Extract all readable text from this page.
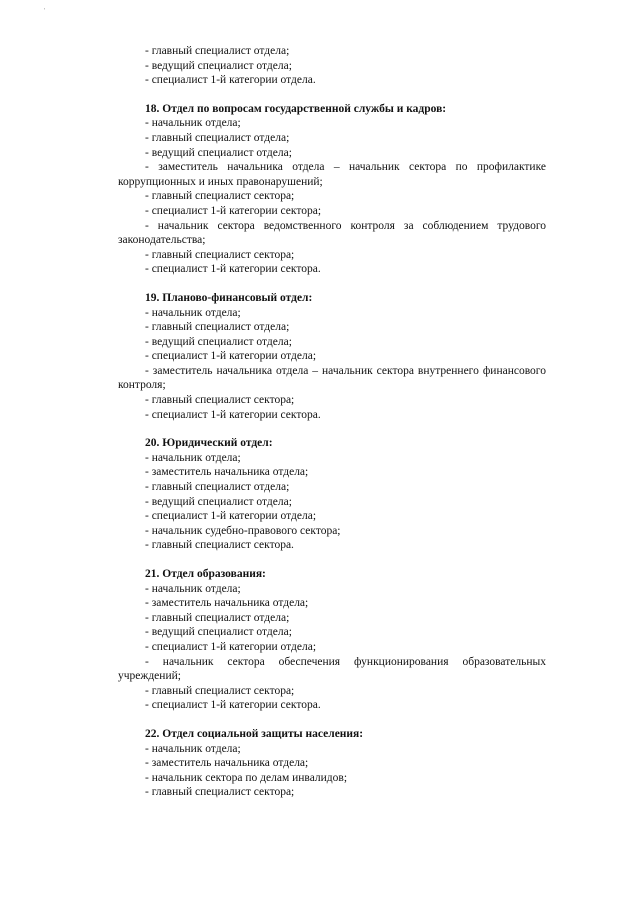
'
- главный специалист отдела;
- ведущий специалист отдела;
- специалист 1-й категории отдела.
18. Отдел по вопросам государственной службы и кадров:
- начальник отдела;
- главный специалист отдела;
- ведущий специалист отдела;
- заместитель начальника отдела – начальник сектора по профилактике
коррупционных и иных правонарушений;
- главный специалист сектора;
- специалист 1-й категории сектора;
- начальник сектора ведомственного контроля за соблюдением трудового
законодательства;
- главный специалист сектора;
- специалист 1-й категории сектора.
19. Планово-финансовый отдел:
- начальник отдела;
- главный специалист отдела;
- ведущий специалист отдела;
- специалист 1-й категории отдела;
- заместитель начальника отдела – начальник сектора внутреннего финансового
контроля;
- главный специалист сектора;
- специалист 1-й категории сектора.
20. Юридический отдел:
- начальник отдела;
- заместитель начальника отдела;
- главный специалист отдела;
- ведущий специалист отдела;
- специалист 1-й категории отдела;
- начальник судебно-правового сектора;
- главный специалист сектора.
21. Отдел образования:
- начальник отдела;
- заместитель начальника отдела;
- главный специалист отдела;
- ведущий специалист отдела;
- специалист 1-й категории отдела;
- начальник сектора обеспечения функционирования образовательных
учреждений;
- главный специалист сектора;
- специалист 1-й категории сектора.
22. Отдел социальной защиты населения:
- начальник отдела;
- заместитель начальника отдела;
- начальник сектора по делам инвалидов;
- главный специалист сектора;
